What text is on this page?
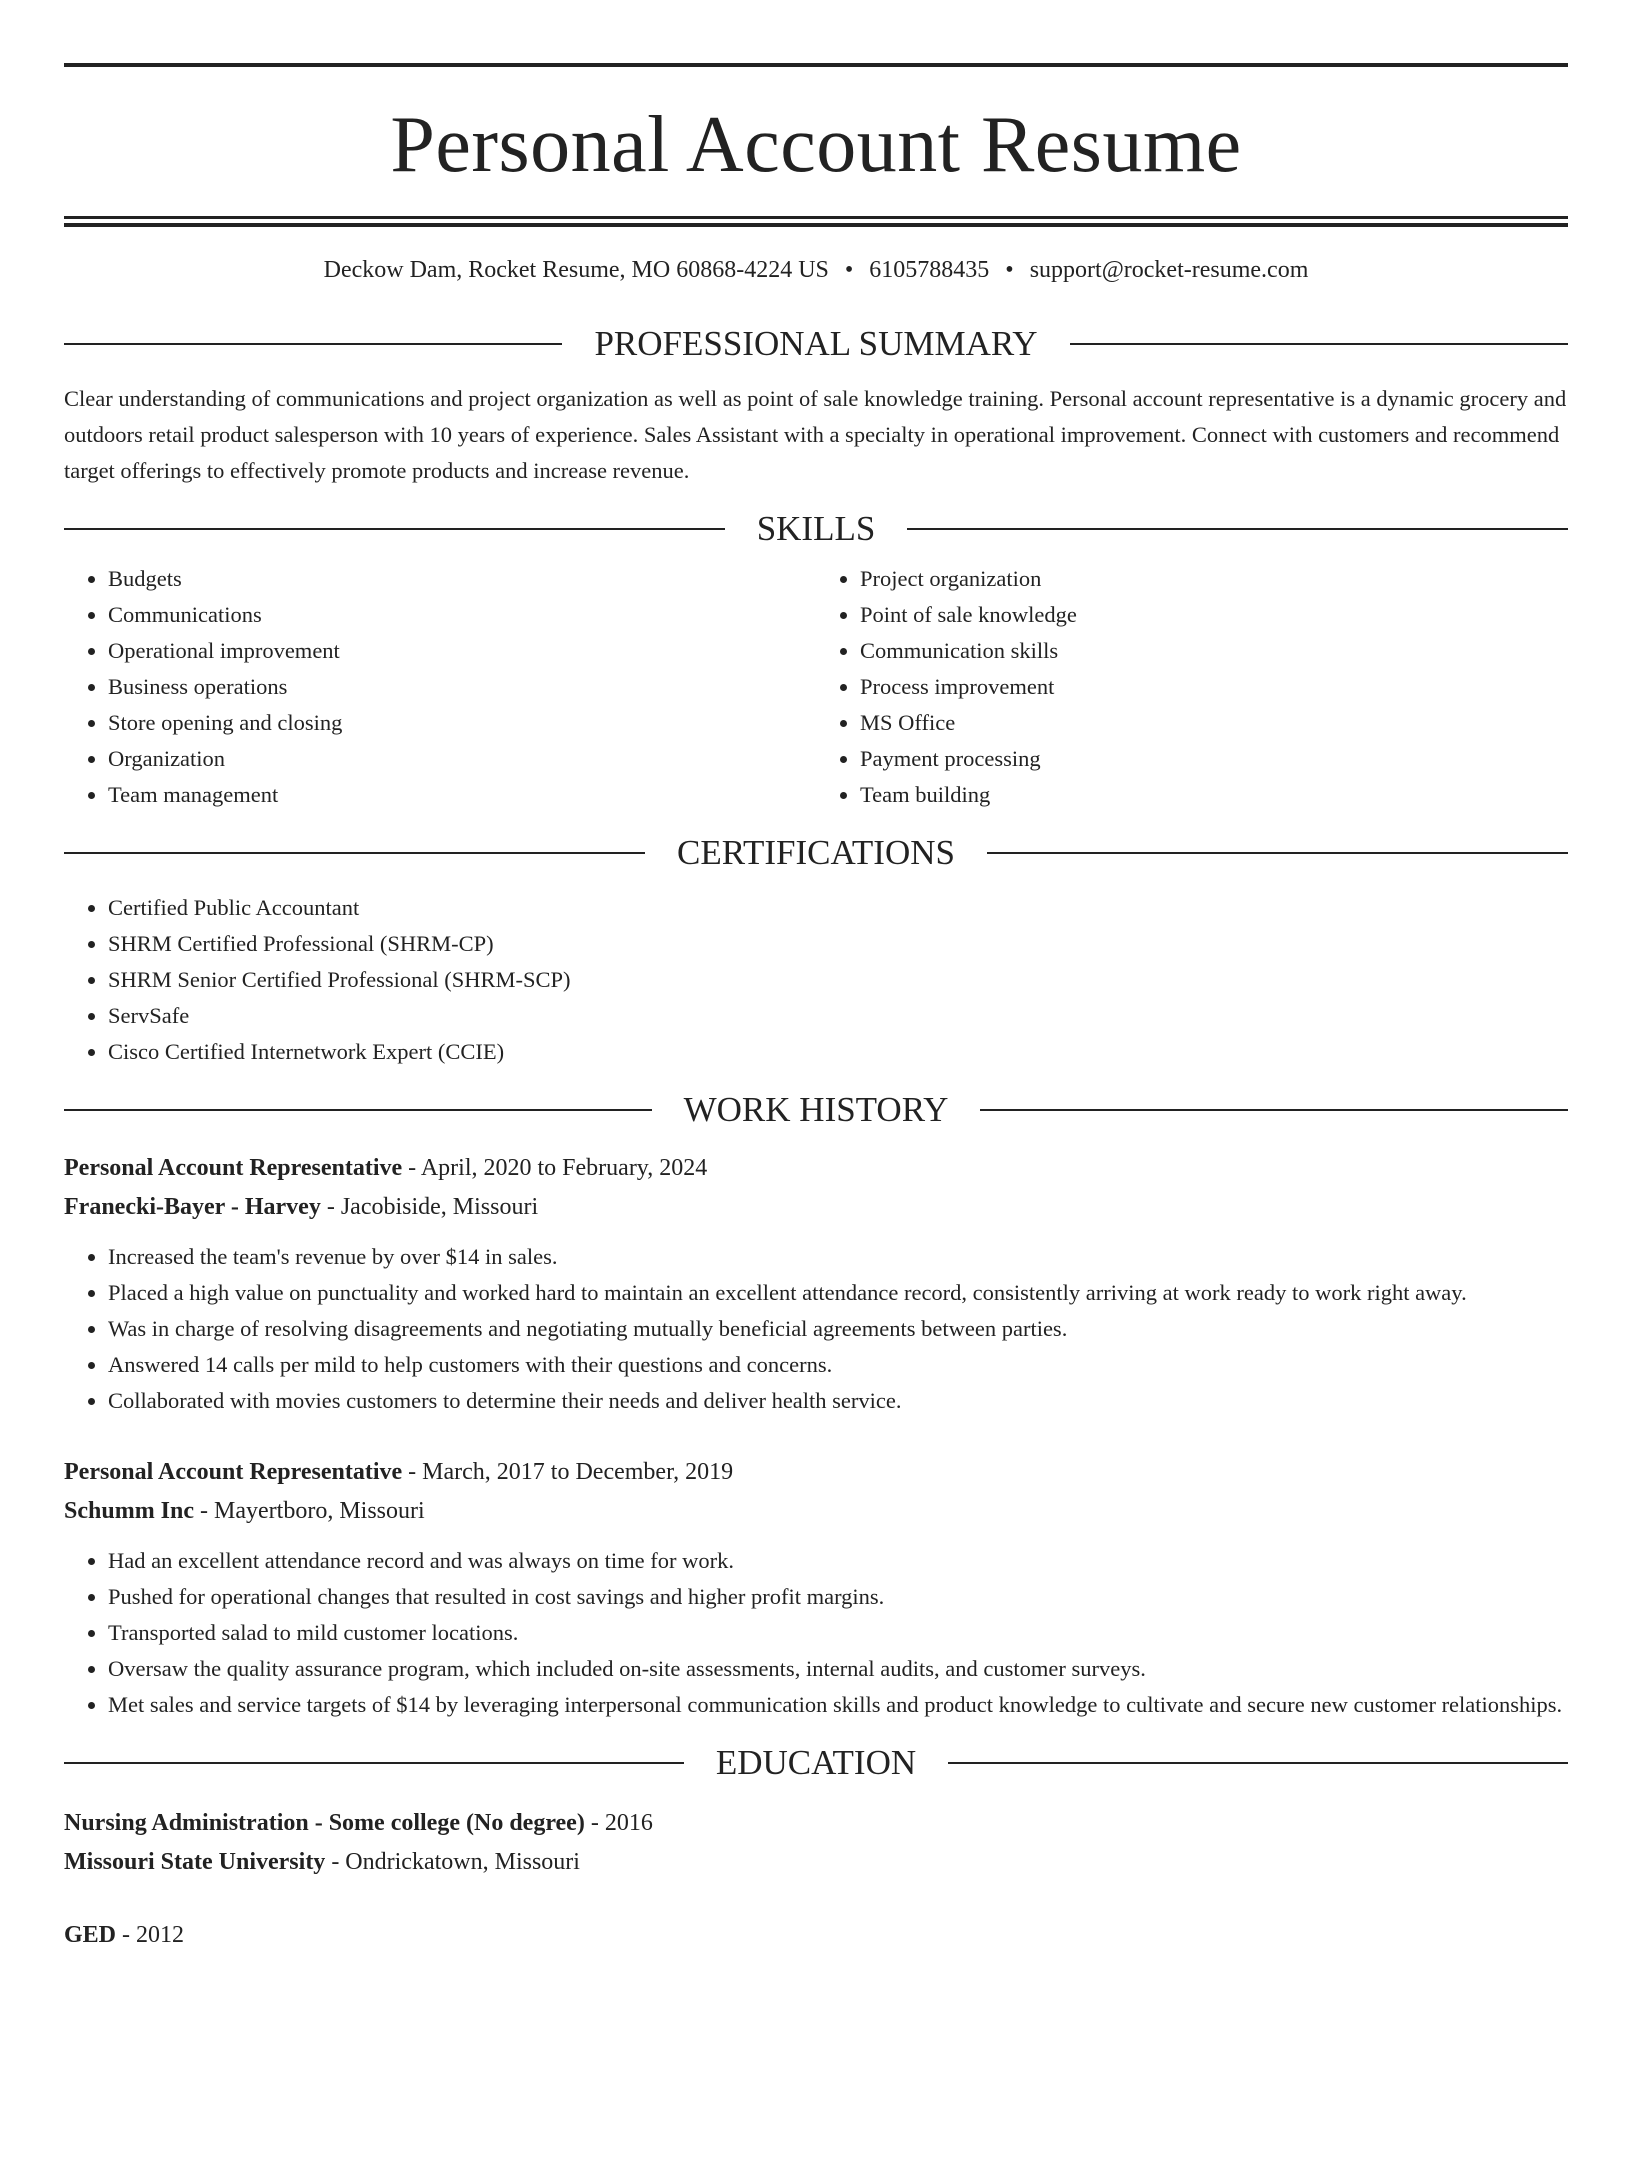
Personal Account Resume
Deckow Dam, Rocket Resume, MO 60868-4224 US • 6105788435 • support@rocket-resume.com
PROFESSIONAL SUMMARY

Clear understanding of communications and project organization as well as point of sale knowledge training. Personal account representative is a dynamic grocery and outdoors retail product salesperson with 10 years of experience. Sales Assistant with a specialty in operational improvement. Connect with customers and recommend target offerings to effectively promote products and increase revenue.

SKILLS
• Budgets
• Communications
• Operational improvement
• Business operations
• Store opening and closing
• Organization
• Team management
• Project organization
• Point of sale knowledge
• Communication skills
• Process improvement
• MS Office
• Payment processing
• Team building
CERTIFICATIONS
• Certified Public Accountant
• SHRM Certified Professional (SHRM-CP)
• SHRM Senior Certified Professional (SHRM-SCP)
• ServSafe
• Cisco Certified Internetwork Expert (CCIE)
WORK HISTORY
Personal Account Representative - April, 2020 to February, 2024
Franecki-Bayer - Harvey - Jacobiside, Missouri
• Increased the team's revenue by over $14 in sales.
• Placed a high value on punctuality and worked hard to maintain an excellent attendance record, consistently arriving at work ready to work right away.
• Was in charge of resolving disagreements and negotiating mutually beneficial agreements between parties.
• Answered 14 calls per mild to help customers with their questions and concerns.
• Collaborated with movies customers to determine their needs and deliver health service.
Personal Account Representative - March, 2017 to December, 2019
Schumm Inc - Mayertboro, Missouri
• Had an excellent attendance record and was always on time for work.
• Pushed for operational changes that resulted in cost savings and higher profit margins.
• Transported salad to mild customer locations.
• Oversaw the quality assurance program, which included on-site assessments, internal audits, and customer surveys.
• Met sales and service targets of $14 by leveraging interpersonal communication skills and product knowledge to cultivate and secure new customer relationships.
EDUCATION
Nursing Administration - Some college (No degree) - 2016
Missouri State University - Ondrickatown, Missouri
GED - 2012
